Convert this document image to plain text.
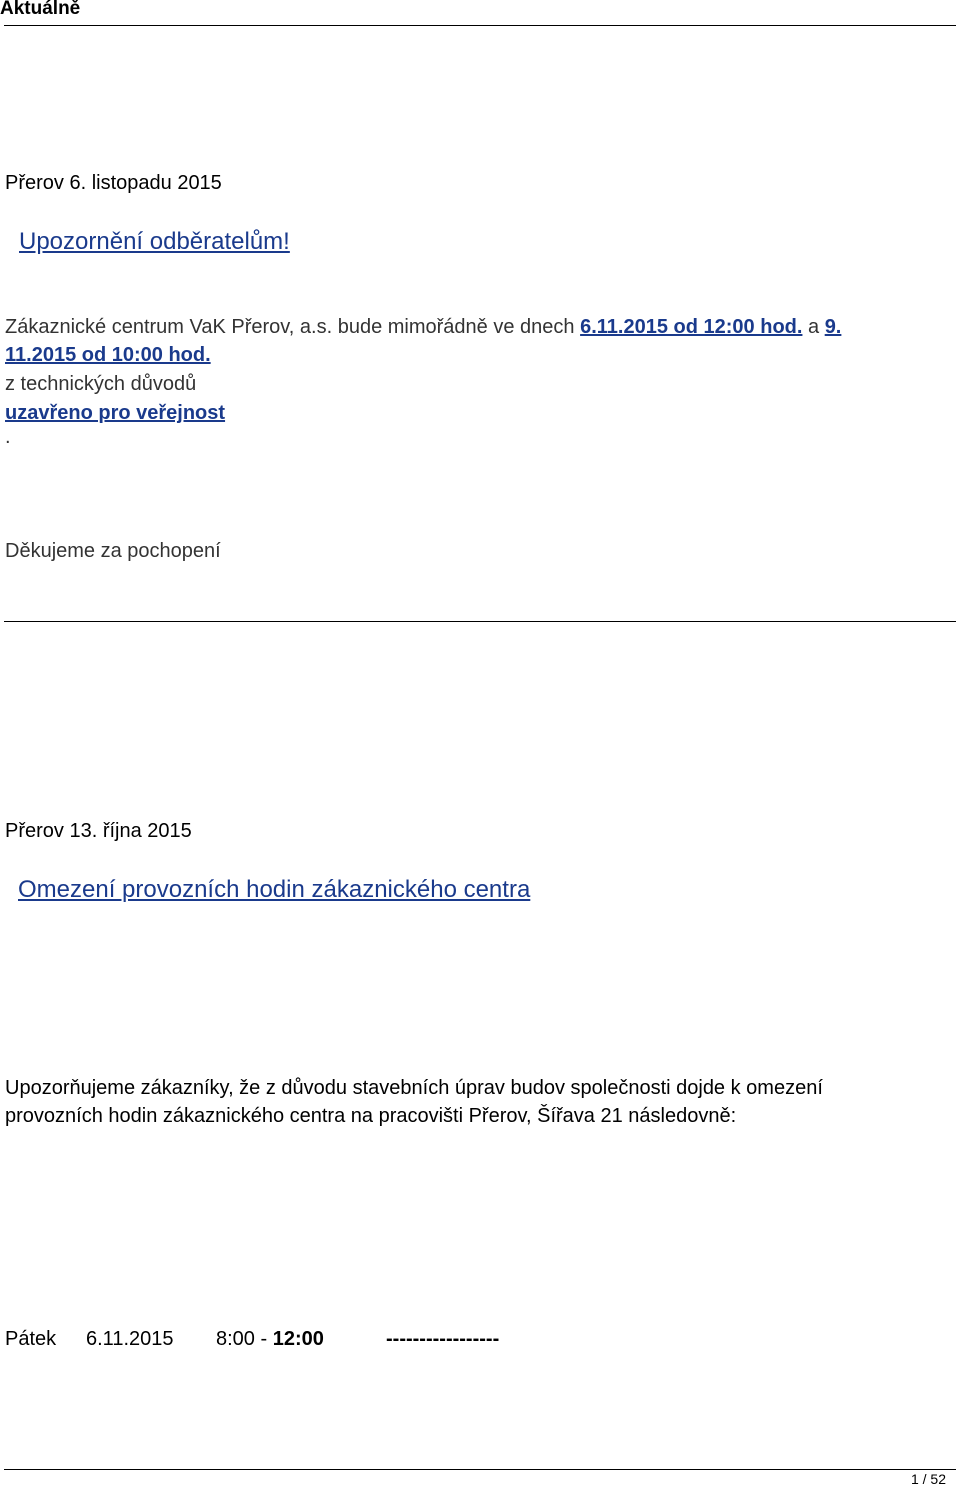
Aktuálně
Přerov 6. listopadu 2015
Upozornění odběratelům!
Zákaznické centrum VaK Přerov, a.s. bude mimořádně ve dnech 6.11.2015 od 12:00 hod. a 9.
11.2015 od 10:00 hod.
z technických důvodů
uzavřeno pro veřejnost
.
Děkujeme za pochopení
Přerov 13. října 2015
Omezení provozních hodin zákaznického centra
Upozorňujeme zákazníky, že z důvodu stavebních úprav budov společnosti dojde k omezení
provozních hodin zákaznického centra na pracovišti Přerov, Šířava 21 následovně:
Pátek 6.11.2015 8:00 - 12:00	-----------------
1 / 52
